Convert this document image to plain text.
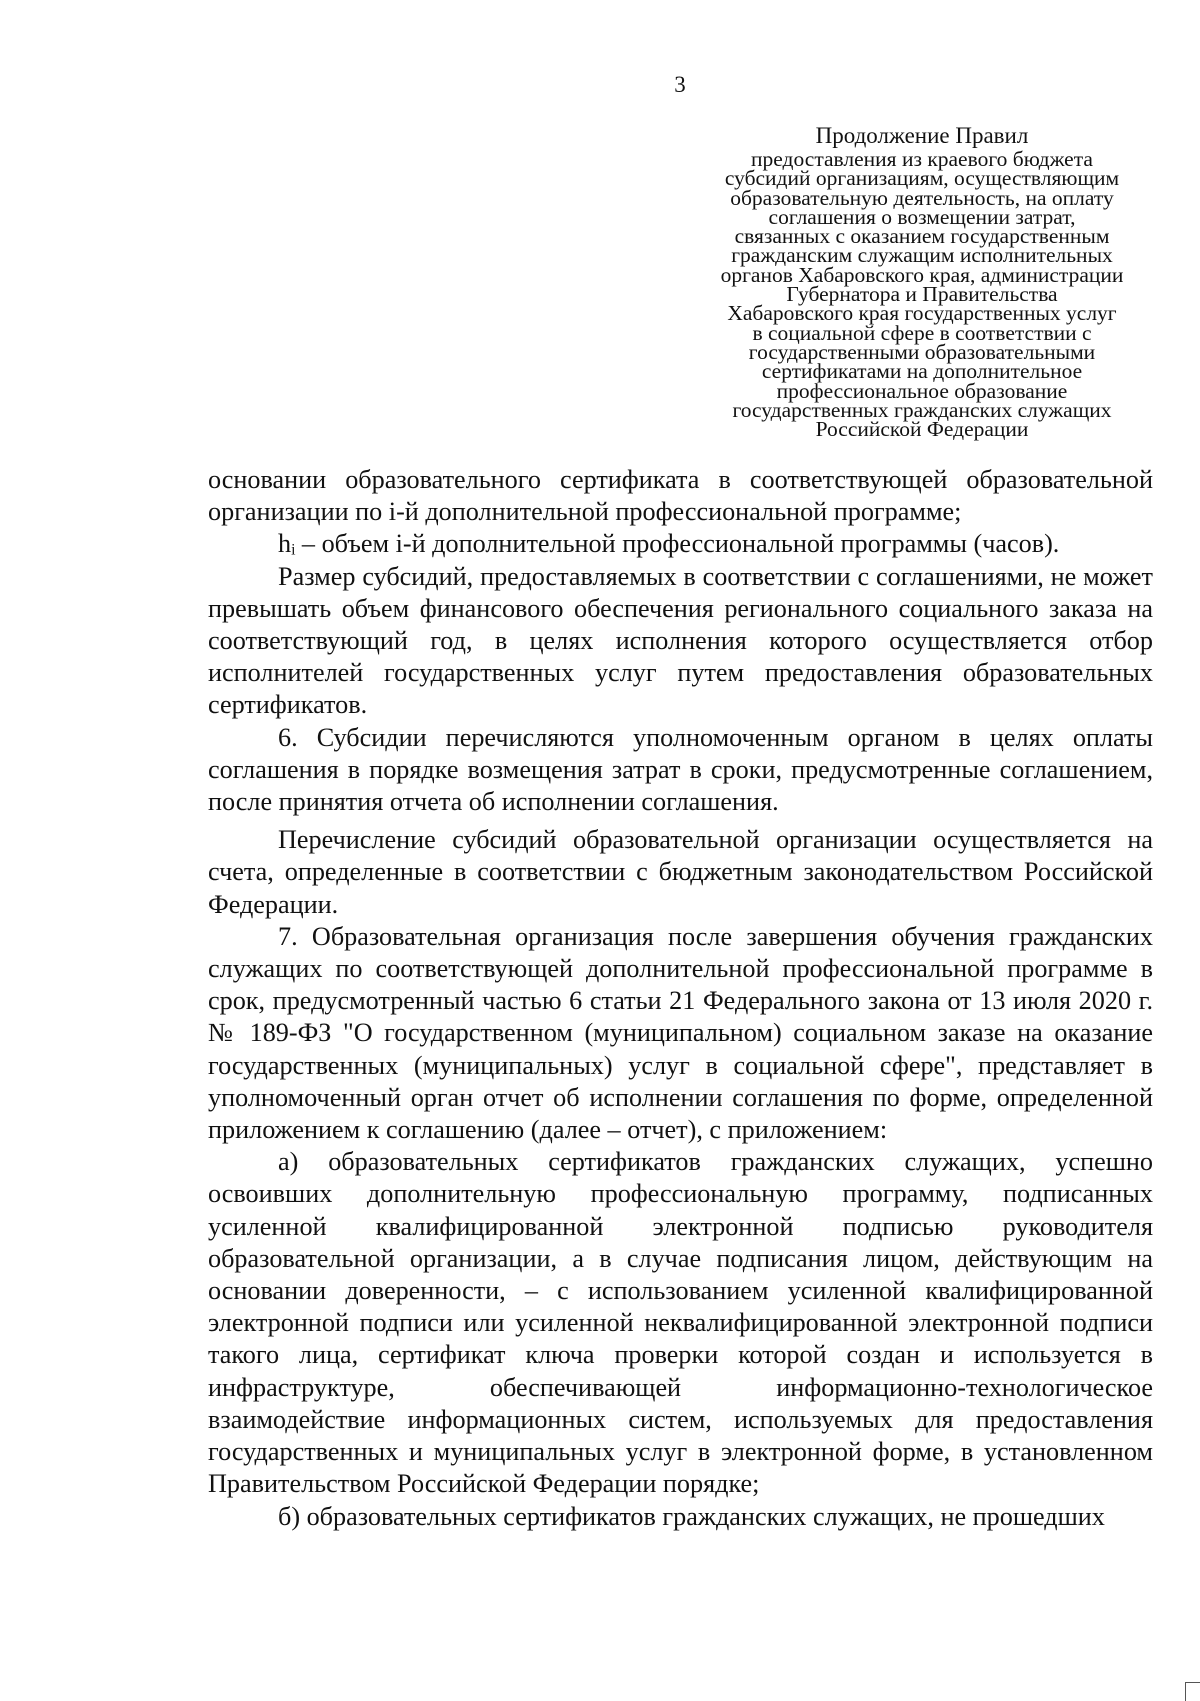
3
Продолжение Правил
предоставления из краевого бюджета
субсидий организациям, осуществляющим
образовательную деятельность, на оплату
соглашения о возмещении затрат,
связанных с оказанием государственным
гражданским служащим исполнительных
органов Хабаровского края, администрации
Губернатора и Правительства
Хабаровского края государственных услуг
в социальной сфере в соответствии с
государственными образовательными
сертификатами на дополнительное
профессиональное образование
государственных гражданских служащих
Российской Федерации

основании образовательного сертификата в соответствующей образовательной организации по i-й дополнительной профессиональной программе;

hᵢ – объем i-й дополнительной профессиональной программы (часов).

Размер субсидий, предоставляемых в соответствии с соглашениями, не может превышать объем финансового обеспечения регионального социального заказа на соответствующий год, в целях исполнения которого осуществляется отбор исполнителей государственных услуг путем предоставления образовательных сертификатов.

6. Субсидии перечисляются уполномоченным органом в целях оплаты соглашения в порядке возмещения затрат в сроки, предусмотренные соглашением, после принятия отчета об исполнении соглашения.

Перечисление субсидий образовательной организации осуществляется на счета, определенные в соответствии с бюджетным законодательством Российской Федерации.

7. Образовательная организация после завершения обучения гражданских служащих по соответствующей дополнительной профессиональной программе в срок, предусмотренный частью 6 статьи 21 Федерального закона от 13 июля 2020 г. № 189-ФЗ "О государственном (муниципальном) социальном заказе на оказание государственных (муниципальных) услуг в социальной сфере", представляет в уполномоченный орган отчет об исполнении соглашения по форме, определенной приложением к соглашению (далее – отчет), с приложением:

а) образовательных сертификатов гражданских служащих, успешно освоивших дополнительную профессиональную программу, подписанных усиленной квалифицированной электронной подписью руководителя образовательной организации, а в случае подписания лицом, действующим на основании доверенности, – с использованием усиленной квалифицированной электронной подписи или усиленной неквалифицированной электронной подписи такого лица, сертификат ключа проверки которой создан и используется в инфраструктуре, обеспечивающей информационно-технологическое взаимодействие информационных систем, используемых для предоставления государственных и муниципальных услуг в электронной форме, в установленном Правительством Российской Федерации порядке;

б) образовательных сертификатов гражданских служащих, не прошедших
